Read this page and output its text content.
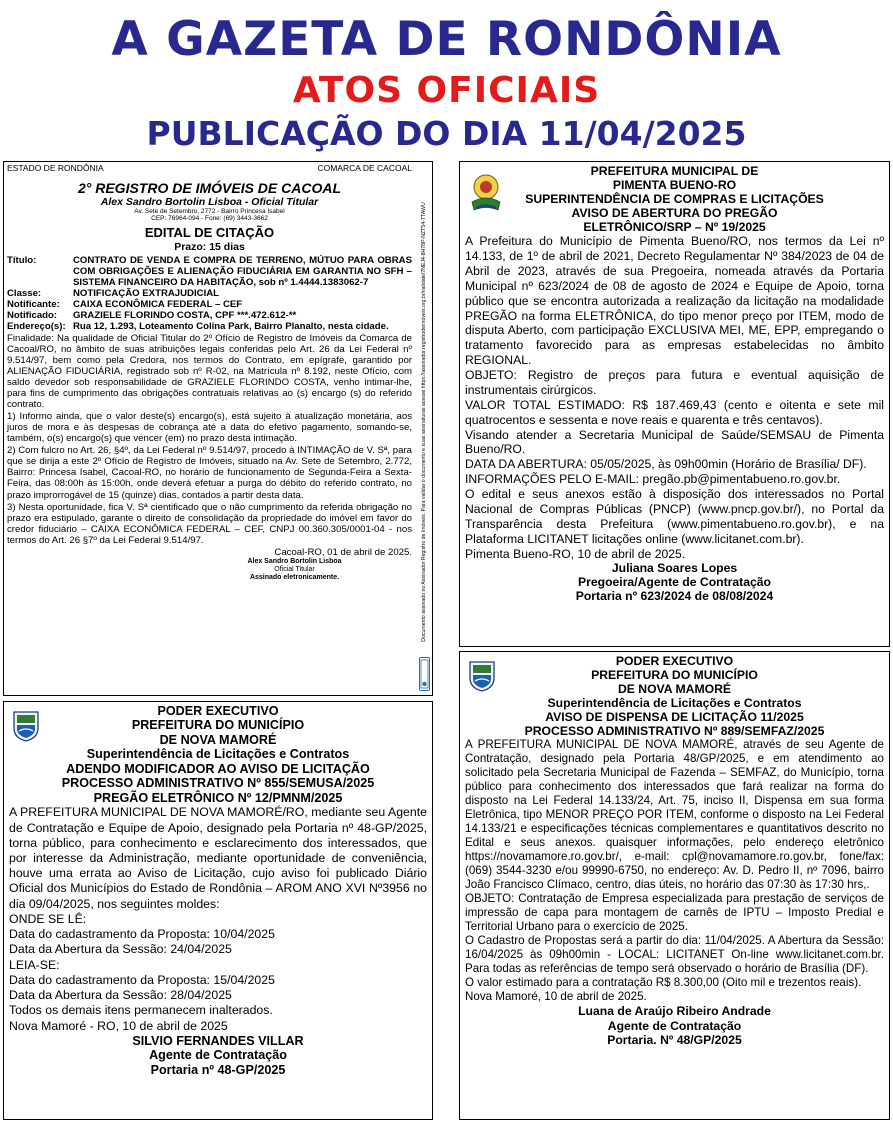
A GAZETA DE RONDÔNIA
ATOS OFICIAIS
PUBLICAÇÃO DO DIA 11/04/2025
ESTADO DE RONDÔNIA	COMARCA DE CACOAL
2° REGISTRO DE IMÓVEIS DE CACOAL
Alex Sandro Bortolin Lisboa - Oficial Titular
Av. Sete de Setembro, 2772 - Bairro Princesa Isabel
CEP: 76964-094 - Fone: (69) 3443-3662
EDITAL DE CITAÇÃO
Prazo: 15 dias
Título:	CONTRATO DE VENDA E COMPRA DE TERRENO, MÚTUO PARA OBRAS COM OBRIGAÇÕES E ALIENAÇÃO FIDUCIÁRIA EM GARANTIA NO SFH – SISTEMA FINANCEIRO DA HABITAÇÃO, sob nº 1.4444.1383062-7
Classe:	NOTIFICAÇÃO EXTRAJUDICIAL
Notificante:	CAIXA ECONÔMICA FEDERAL – CEF
Notificado:	GRAZIELE FLORINDO COSTA, CPF ***.472.612-**
Endereço(s):	Rua 12, 1.293, Loteamento Colina Park, Bairro Planalto, nesta cidade.

Finalidade: Na qualidade de Oficial Titular do 2º Ofício de Registro de Imóveis da Comarca de Cacoal/RO, no âmbito de suas atribuições legais conferidas pelo Art. 26 da Lei Federal nº 9.514/97, bem como pela Credora, nos termos do Contrato, em epígrafe, garantido por ALIENAÇÃO FIDUCIÁRIA, registrado sob nº R-02, na Matrícula nº 8.192, neste Ofício, com saldo devedor sob responsabilidade de GRAZIELE FLORINDO COSTA, venho intimar-lhe, para fins de cumprimento das obrigações contratuais relativas ao (s) encargo (s) do referido contrato.

1) Informo ainda, que o valor deste(s) encargo(s), está sujeito à atualização monetária, aos juros de mora e às despesas de cobrança até a data do efetivo pagamento, somando-se, também, o(s) encargo(s) que vencer (em) no prazo desta intimação.

2) Com fulcro no Art. 26, §4º, da Lei Federal nº 9.514/97, procedo à INTIMAÇÃO de V. Sª, para que se dirija a este 2º Ofício de Registro de Imóveis, situado na Av. Sete de Setembro, 2.772, Bairro: Princesa Isabel, Cacoal-RO, no horário de funcionamento de Segunda-Feira a Sexta-Feira, das 08:00h às 15:00h, onde deverá efetuar a purga do débito do referido contrato, no prazo improrrogável de 15 (quinze) dias, contados a partir desta data.

3) Nesta oportunidade, fica V. Sª cientificado que o não cumprimento da referida obrigação no prazo era estipulado, garante o direito de consolidação da propriedade do imóvel em favor do credor fiduciário – CAIXA ECONÔMICA FEDERAL – CEF, CNPJ 00.360.305/0001-04 - nos termos do Art. 26 §7º da Lei Federal 9.514/97.

Cacoal-RO, 01 de abril de 2025.
Alex Sandro Bortolin Lisboa
Oficial Titular
Assinado eletronicamente.	Documento assinado no Assinador Registro de Imóveis. Para validar o documento e suas assinaturas acesse https://assinador.registrodeimoveis.org.br/validate/7NEJ4-8H78P-NZT54-TTAWU
PREFEITURA MUNICIPAL DE
PIMENTA BUENO-RO
SUPERINTENDÊNCIA DE COMPRAS E LICITAÇÕES
AVISO DE ABERTURA DO PREGÃO
ELETRÔNICO/SRP – Nº 19/2025

A Prefeitura do Município de Pimenta Bueno/RO, nos termos da Lei nº 14.133, de 1º de abril de 2021, Decreto Regulamentar Nº 384/2023 de 04 de Abril de 2023, através de sua Pregoeira, nomeada através da Portaria Municipal nº 623/2024 de 08 de agosto de 2024 e Equipe de Apoio, torna público que se encontra autorizada a realização da licitação na modalidade PREGÃO na forma ELETRÔNICA, do tipo menor preço por ITEM, modo de disputa Aberto, com participação EXCLUSIVA MEI, ME, EPP, empregando o tratamento favorecido para as empresas estabelecidas no âmbito REGIONAL.

OBJETO: Registro de preços para futura e eventual aquisição de instrumentais cirúrgicos.

VALOR TOTAL ESTIMADO: R$ 187.469,43 (cento e oitenta e sete mil quatrocentos e sessenta e nove reais e quarenta e três centavos).

Visando atender a Secretaria Municipal de Saúde/SEMSAU de Pimenta Bueno/RO.

DATA DA ABERTURA: 05/05/2025, às 09h00min (Horário de Brasília/ DF).

INFORMAÇÕES PELO E-MAIL: pregão.pb@pimentabueno.ro.gov.br.

O edital e seus anexos estão à disposição dos interessados no Portal Nacional de Compras Públicas (PNCP) (www.pncp.gov.br/), no Portal da Transparência desta Prefeitura (www.pimentabueno.ro.gov.br), e na Plataforma LICITANET licitações online (www.licitanet.com.br).

Pimenta Bueno-RO, 10 de abril de 2025.

Juliana Soares Lopes
Pregoeira/Agente de Contratação
Portaria nº 623/2024 de 08/08/2024
PODER EXECUTIVO
PREFEITURA DO MUNICÍPIO
DE NOVA MAMORÉ
Superintendência de Licitações e Contratos
ADENDO MODIFICADOR AO AVISO DE LICITAÇÃO
PROCESSO ADMINISTRATIVO Nº 855/SEMUSA/2025
PREGÃO ELETRÔNICO Nº 12/PMNM/2025

A PREFEITURA MUNICIPAL DE NOVA MAMORÉ/RO, mediante seu Agente de Contratação e Equipe de Apoio, designado pela Portaria nº 48-GP/2025, torna público, para conhecimento e esclarecimento dos interessados, que por interesse da Administração, mediante oportunidade de conveniência, houve uma errata ao Aviso de Licitação, cujo aviso foi publicado Diário Oficial dos Municípios do Estado de Rondônia – AROM ANO XVI Nº3956 no dia 09/04/2025, nos seguintes moldes:

ONDE SE LÊ:
Data do cadastramento da Proposta: 10/04/2025
Data da Abertura da Sessão: 24/04/2025
LEIA-SE:
Data do cadastramento da Proposta: 15/04/2025
Data da Abertura da Sessão: 28/04/2025
Todos os demais itens permanecem inalterados.
Nova Mamoré - RO, 10 de abril de 2025
SILVIO FERNANDES VILLAR
Agente de Contratação
Portaria nº 48-GP/2025
PODER EXECUTIVO
PREFEITURA DO MUNICÍPIO
DE NOVA MAMORÉ
Superintendência de Licitações e Contratos
AVISO DE DISPENSA DE LICITAÇÃO 11/2025
PROCESSO ADMINISTRATIVO Nº 889/SEMFAZ/2025

A PREFEITURA MUNICIPAL DE NOVA MAMORÉ, através de seu Agente de Contratação, designado pela Portaria 48/GP/2025, e em atendimento ao solicitado pela Secretaria Municipal de Fazenda – SEMFAZ, do Município, torna público para conhecimento dos interessados que fará realizar na forma do disposto na Lei Federal 14.133/24, Art. 75, inciso II, Dispensa em sua forma Eletrônica, tipo MENOR PREÇO POR ITEM, conforme o disposto na Lei Federal 14.133/21 e especificações técnicas complementares e quantitativos descrito no Edital e seus anexos. quaisquer informações, pelo endereço eletrônico https://novamamore.ro.gov.br/, e-mail: cpl@novamamore.ro.gov.br, fone/fax: (069) 3544-3230 e/ou 99990-6750, no endereço: Av. D. Pedro II, nº 7096, bairro João Francisco Clímaco, centro, dias úteis, no horário das 07:30 às 17:30 hrs,.

OBJETO: Contratação de Empresa especializada para prestação de serviços de impressão de capa para montagem de carnês de IPTU – Imposto Predial e Territorial Urbano para o exercício de 2025.

O Cadastro de Propostas será a partir do dia: 11/04/2025. A Abertura da Sessão: 16/04/2025 às 09h00min - LOCAL: LICITANET On-line www.licitanet.com.br. Para todas as referências de tempo será observado o horário de Brasília (DF).

O valor estimado para a contratação R$ 8.300,00 (Oito mil e trezentos reais).

Nova Mamoré, 10 de abril de 2025.

Luana de Araújo Ribeiro Andrade
Agente de Contratação
Portaria. Nº 48/GP/2025
